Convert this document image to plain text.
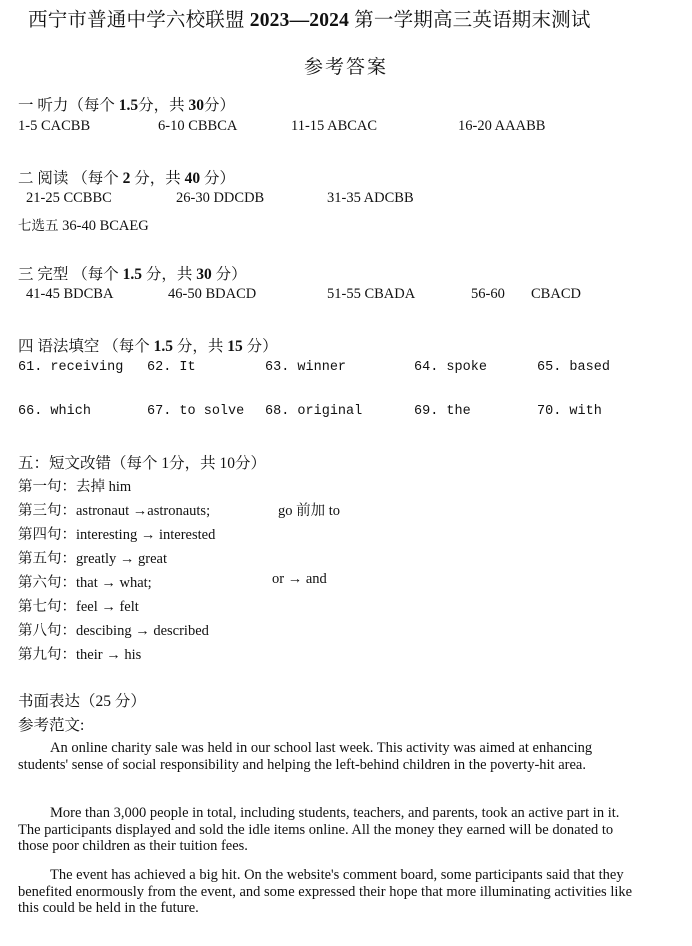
西宁市普通中学六校联盟 2023—2024 第一学期高三英语期末测试
参考答案
一 听力（每个 1.5分，共 30分）
1-5 CACBB	6-10 CBBCA	11-15 ABCAC	16-20 AAABB
二 阅读 （每个 2 分，共 40 分）
21-25 CCBBC	26-30 DDCDB	31-35 ADCBB
七选五 36-40 BCAEG
三 完型 （每个 1.5 分，共 30 分）
41-45 BDCBA	46-50 BDACD	51-55 CBADA	56-60 CBACD
四 语法填空 （每个 1.5 分，共 15 分）
61. receiving 62. It	63. winner	64. spoke	65. based
66. which	67. to solve 68. original	69. the	70. with
五：短文改错（每个 1分，共 10分）
第一句：去掉 him
第三句：astronaut →astronauts;	go 前加 to
第四句：interesting → interested
第五句：greatly → great
第六句：that → what;	or → and
第七句：feel → felt
第八句：descibing → described
第九句：their → his
书面表达（25 分）
参考范文:
An online charity sale was held in our school last week. This activity was aimed at enhancing students' sense of social responsibility and helping the left-behind children in the poverty-hit area.
More than 3,000 people in total, including students, teachers, and parents, took an active part in it. The participants displayed and sold the idle items online. All the money they earned will be donated to those poor children as their tuition fees.
The event has achieved a big hit. On the website's comment board, some participants said that they benefited enormously from the event, and some expressed their hope that more illuminating activities like this could be held in the future.
